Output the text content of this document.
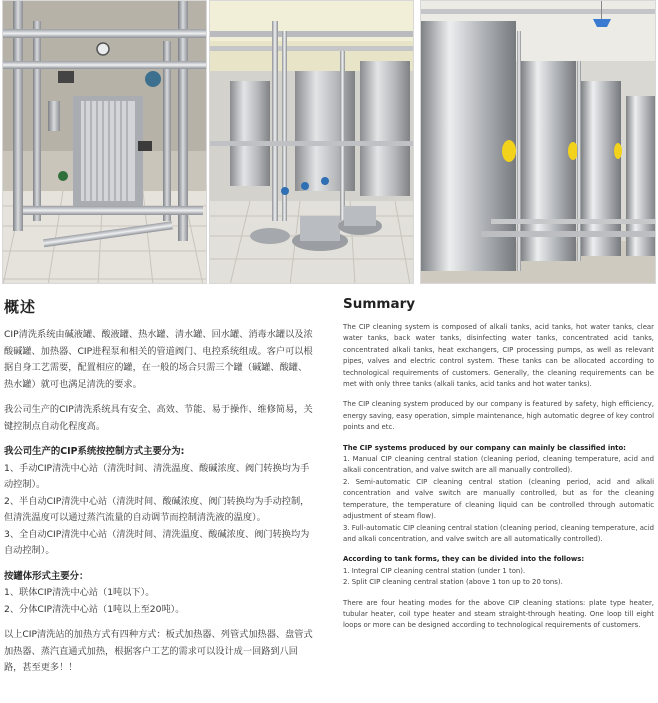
概述

CIP清洗系统由碱液罐、酸液罐、热水罐、清水罐、回水罐、消毒水罐以及浓酸碱罐、加热器、CIP进程泵和相关的管道阀门、电控系统组成。客户可以根据自身工艺需要，配置相应的罐，在一般的场合只需三个罐（碱罐、酸罐、热水罐）就可也满足清洗的要求。

我公司生产的CIP清洗系统具有安全、高效、节能、易于操作、维修简易，关键控制点自动化程度高。

我公司生产的CIP系统按控制方式主要分为:

1、手动CIP清洗中心站（清洗时间、清洗温度、酸碱浓度、阀门转换均为手动控制）。

2、半自动CIP清洗中心站（清洗时间、酸碱浓度、阀门转换均为手动控制，但清洗温度可以通过蒸汽流量的自动调节而控制清洗液的温度）。

3、全自动CIP清洗中心站（清洗时间、清洗温度、酸碱浓度、阀门转换均为自动控制）。

按罐体形式主要分：

1、联体CIP清洗中心站（1吨以下）。

2、分体CIP清洗中心站（1吨以上至20吨）。

以上CIP清洗站的加热方式有四种方式：板式加热器、列管式加热器、盘管式加热器、蒸汽直通式加热，根据客户工艺的需求可以设计成一回路到八回路，甚至更多！！

Summary

The CIP cleaning system is composed of alkali tanks, acid tanks, hot water tanks, clear water tanks, back water tanks, disinfecting water tanks, concentrated acid tanks, concentrated alkali tanks, heat exchangers, CIP processing pumps, as well as relevant pipes, valves and electric control system. These tanks can be allocated according to technological requirements of customers. Generally, the cleaning requirements can be met with only three tanks (alkali tanks, acid tanks and hot water tanks).

The CIP cleaning system produced by our company is featured by safety, high efficiency, energy saving, easy operation, simple maintenance, high automatic degree of key control points and etc.

The CIP systems produced by our company can mainly be classified into:

1. Manual CIP cleaning central station (cleaning period, cleaning temperature, acid and alkali concentration, and valve switch are all manually controlled).

2. Semi-automatic CIP cleaning central station (cleaning period, acid and alkali concentration and valve switch are manually controlled, but as for the cleaning temperature, the temperature of cleaning liquid can be controlled through automatic adjustment of steam flow).

3. Full-automatic CIP cleaning central station (cleaning period, cleaning temperature, acid and alkali concentration, and valve switch are all automatically controlled).

According to tank forms, they can be divided into the follows:

1. Integral CIP cleaning central station (under 1 ton).

2. Split CIP cleaning central station (above 1 ton up to 20 tons).

There are four heating modes for the above CIP cleaning stations: plate type heater, tubular heater, coil type heater and steam straight-through heating. One loop till eight loops or more can be designed according to technological requirements of customers.
